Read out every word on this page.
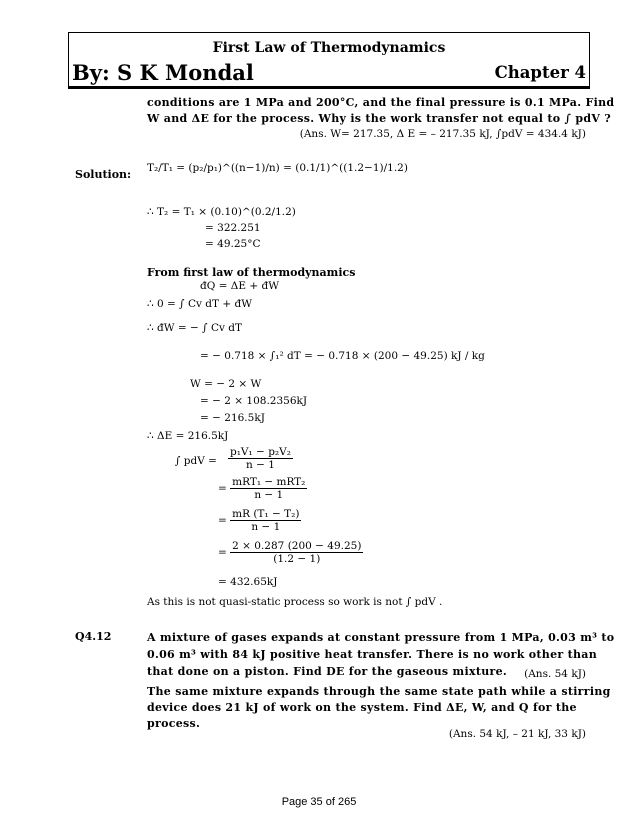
First Law of Thermodynamics
By: S K Mondal	Chapter 4
conditions are 1 MPa and 200°C, and the final pressure is 0.1 MPa. Find
W and ΔE for the process. Why is the work transfer not equal to ∫ pdV ?
(Ans. W= 217.35, Δ E = – 217.35 kJ, ∫pdV = 434.4 kJ)
Solution: T₂/T₁ = (p₂/p₁)^((n−1)/n) = (0.1/1)^((1.2−1)/1.2)
∴ T₂ = T₁ × (0.10)^(0.2/1.2)
= 322.251
= 49.25°C
From first law of thermodynamics
đQ = ΔE + đW
∴ 0 = ∫ Cv dT + đW
∴ đW = − ∫ Cv dT
= − 0.718 × ∫₁² dT = − 0.718 × (200 − 49.25) kJ / kg
W = − 2 × W
= − 2 × 108.2356kJ
= − 216.5kJ
∴ ΔE = 216.5kJ
∫ pdV = $\frac{\text{p₁V₁ − p₂V₂}}{n - 1}$
= $\frac{\text{mRT₁ − mRT₂}}{n - 1}$
= $\frac{\text{mR (T₁ − T₂)}}{n - 1}$
= $\frac{2 \times 0.287 (200 - 49.25)}{(1.2 - 1)}$
= 432.65kJ
As this is not quasi-static process so work is not ∫ pdV .
Q4.12	A mixture of gases expands at constant pressure from 1 MPa, 0.03 m³ to
0.06 m³ with 84 kJ positive heat transfer. There is no work other than
that done on a piston. Find DE for the gaseous mixture. (Ans. 54 kJ)
The same mixture expands through the same state path while a stirring
device does 21 kJ of work on the system. Find ΔE, W, and Q for the
process.
(Ans. 54 kJ, – 21 kJ, 33 kJ)
Page 35 of 265
